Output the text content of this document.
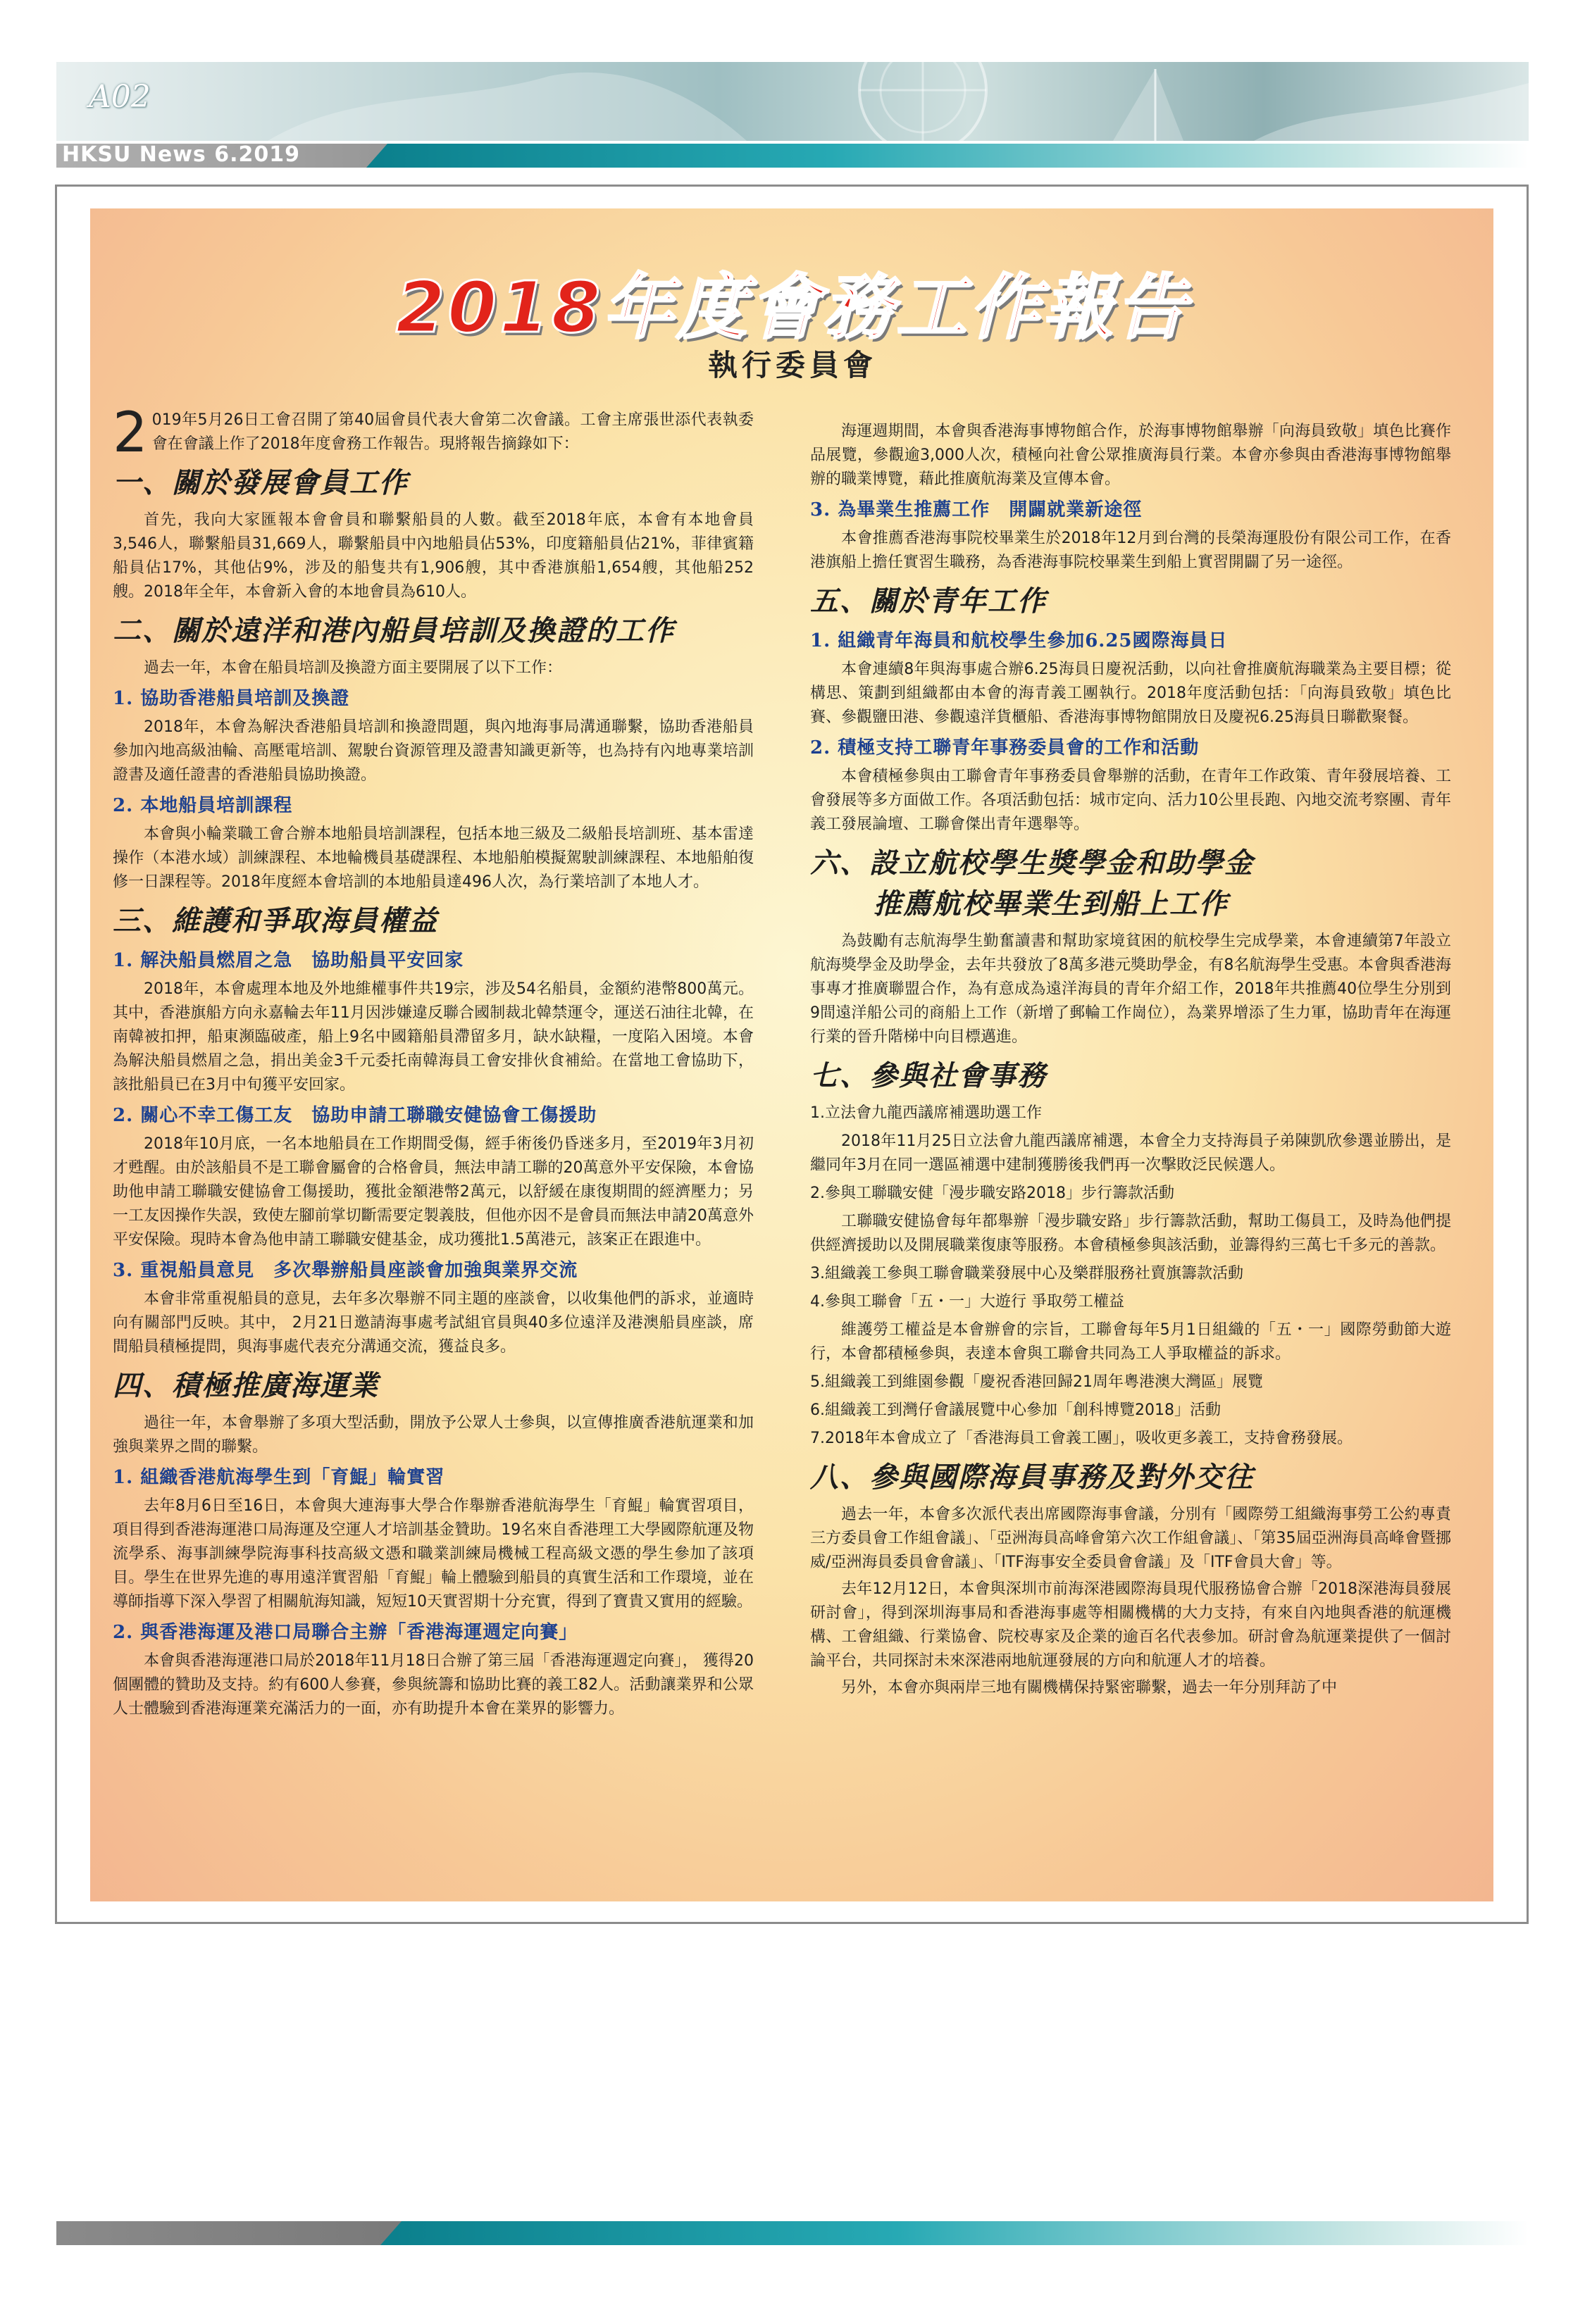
A02
HKSU News 6.2019
2018年度會務工作報告
執行委員會

2 019年5月26日工會召開了第40屆會員代表大會第二次會議。工會主席張世添代表執委會在會議上作了2018年度會務工作報告。現將報告摘錄如下：

一、關於發展會員工作

首先，我向大家匯報本會會員和聯繫船員的人數。截至2018年底，本會有本地會員3,546人，聯繫船員31,669人，聯繫船員中內地船員佔53%，印度籍船員佔21%，菲律賓籍船員佔17%，其他佔9%，涉及的船隻共有1,906艘，其中香港旗船1,654艘，其他船252艘。2018年全年，本會新入會的本地會員為610人。

二、關於遠洋和港內船員培訓及換證的工作

過去一年，本會在船員培訓及換證方面主要開展了以下工作：

1. 協助香港船員培訓及換證

2018年，本會為解決香港船員培訓和換證問題，與內地海事局溝通聯繫，協助香港船員參加內地高級油輪、高壓電培訓、駕駛台資源管理及證書知識更新等，也為持有內地專業培訓證書及適任證書的香港船員協助換證。

2. 本地船員培訓課程

本會與小輪業職工會合辦本地船員培訓課程，包括本地三級及二級船長培訓班、基本雷達操作（本港水域）訓練課程、本地輪機員基礎課程、本地船舶模擬駕駛訓練課程、本地船舶復修一日課程等。2018年度經本會培訓的本地船員達496人次，為行業培訓了本地人才。

三、維護和爭取海員權益
1. 解決船員燃眉之急　協助船員平安回家

2018年，本會處理本地及外地維權事件共19宗，涉及54名船員，金額約港幣800萬元。其中，香港旗船方向永嘉輪去年11月因涉嫌違反聯合國制裁北韓禁運令，運送石油往北韓，在南韓被扣押，船東瀕臨破產，船上9名中國籍船員滯留多月，缺水缺糧，一度陷入困境。本會為解決船員燃眉之急，捐出美金3千元委托南韓海員工會安排伙食補給。在當地工會協助下，該批船員已在3月中旬獲平安回家。

2. 關心不幸工傷工友　協助申請工聯職安健協會工傷援助

2018年10月底，一名本地船員在工作期間受傷，經手術後仍昏迷多月，至2019年3月初才甦醒。由於該船員不是工聯會屬會的合格會員，無法申請工聯的20萬意外平安保險，本會協助他申請工聯職安健協會工傷援助，獲批金額港幣2萬元，以舒緩在康復期間的經濟壓力；另一工友因操作失誤，致使左腳前掌切斷需要定製義肢，但他亦因不是會員而無法申請20萬意外平安保險。現時本會為他申請工聯職安健基金，成功獲批1.5萬港元，該案正在跟進中。

3. 重視船員意見　多次舉辦船員座談會加強與業界交流

本會非常重視船員的意見，去年多次舉辦不同主題的座談會，以收集他們的訴求，並適時向有關部門反映。其中， 2月21日邀請海事處考試組官員與40多位遠洋及港澳船員座談，席間船員積極提問，與海事處代表充分溝通交流，獲益良多。

四、積極推廣海運業

過往一年，本會舉辦了多項大型活動，開放予公眾人士參與，以宣傳推廣香港航運業和加強與業界之間的聯繫。

1. 組織香港航海學生到「育鯤」輪實習

去年8月6日至16日，本會與大連海事大學合作舉辦香港航海學生「育鯤」輪實習項目，項目得到香港海運港口局海運及空運人才培訓基金贊助。19名來自香港理工大學國際航運及物流學系、海事訓練學院海事科技高級文憑和職業訓練局機械工程高級文憑的學生參加了該項目。學生在世界先進的專用遠洋實習船「育鯤」輪上體驗到船員的真實生活和工作環境，並在導師指導下深入學習了相關航海知識，短短10天實習期十分充實，得到了寶貴又實用的經驗。

2. 與香港海運及港口局聯合主辦「香港海運週定向賽」

本會與香港海運港口局於2018年11月18日合辦了第三屆「香港海運週定向賽」， 獲得20個團體的贊助及支持。約有600人參賽，參與統籌和協助比賽的義工82人。活動讓業界和公眾人士體驗到香港海運業充滿活力的一面，亦有助提升本會在業界的影響力。

海運週期間，本會與香港海事博物館合作，於海事博物館舉辦「向海員致敬」填色比賽作品展覽，參觀逾3,000人次，積極向社會公眾推廣海員行業。本會亦參與由香港海事博物館舉辦的職業博覽，藉此推廣航海業及宣傳本會。

3. 為畢業生推薦工作　開闢就業新途徑

本會推薦香港海事院校畢業生於2018年12月到台灣的長榮海運股份有限公司工作，在香港旗船上擔任實習生職務，為香港海事院校畢業生到船上實習開闢了另一途徑。

五、關於青年工作
1. 組織青年海員和航校學生參加6.25國際海員日

本會連續8年與海事處合辦6.25海員日慶祝活動，以向社會推廣航海職業為主要目標；從構思、策劃到組織都由本會的海青義工團執行。2018年度活動包括：「向海員致敬」填色比賽、參觀鹽田港、參觀遠洋貨櫃船、香港海事博物館開放日及慶祝6.25海員日聯歡聚餐。

2. 積極支持工聯青年事務委員會的工作和活動

本會積極參與由工聯會青年事務委員會舉辦的活動，在青年工作政策、青年發展培養、工會發展等多方面做工作。各項活動包括：城市定向、活力10公里長跑、內地交流考察團、青年義工發展論壇、工聯會傑出青年選舉等。

六、設立航校學生獎學金和助學金
推薦航校畢業生到船上工作

為鼓勵有志航海學生勤奮讀書和幫助家境貧困的航校學生完成學業，本會連續第7年設立航海獎學金及助學金，去年共發放了8萬多港元獎助學金，有8名航海學生受惠。本會與香港海事專才推廣聯盟合作，為有意成為遠洋海員的青年介紹工作，2018年共推薦40位學生分別到9間遠洋船公司的商船上工作（新增了郵輪工作崗位），為業界增添了生力軍，協助青年在海運行業的晉升階梯中向目標邁進。

七、參與社會事務

1.立法會九龍西議席補選助選工作

2018年11月25日立法會九龍西議席補選，本會全力支持海員子弟陳凱欣參選並勝出，是繼同年3月在同一選區補選中建制獲勝後我們再一次擊敗泛民候選人。

2.參與工聯職安健「漫步職安路2018」步行籌款活動

工聯職安健協會每年都舉辦「漫步職安路」步行籌款活動，幫助工傷員工，及時為他們提供經濟援助以及開展職業復康等服務。本會積極參與該活動，並籌得約三萬七千多元的善款。

3.組織義工參與工聯會職業發展中心及樂群服務社賣旗籌款活動

4.參與工聯會「五・一」大遊行 爭取勞工權益

維護勞工權益是本會辦會的宗旨，工聯會每年5月1日組織的「五・一」國際勞動節大遊行，本會都積極參與，表達本會與工聯會共同為工人爭取權益的訴求。

5.組織義工到維園參觀「慶祝香港回歸21周年粵港澳大灣區」展覽

6.組織義工到灣仔會議展覽中心參加「創科博覽2018」活動

7.2018年本會成立了「香港海員工會義工團」，吸收更多義工，支持會務發展。

八、參與國際海員事務及對外交往

過去一年，本會多次派代表出席國際海事會議，分別有「國際勞工組織海事勞工公約專責三方委員會工作組會議」、「亞洲海員高峰會第六次工作組會議」、「第35屆亞洲海員高峰會暨挪威/亞洲海員委員會會議」、「ITF海事安全委員會會議」及「ITF會員大會」等。

去年12月12日，本會與深圳市前海深港國際海員現代服務協會合辦「2018深港海員發展研討會」，得到深圳海事局和香港海事處等相關機構的大力支持，有來自內地與香港的航運機構、工會組織、行業協會、院校專家及企業的逾百名代表參加。研討會為航運業提供了一個討論平台，共同探討未來深港兩地航運發展的方向和航運人才的培養。

另外，本會亦與兩岸三地有關機構保持緊密聯繫，過去一年分別拜訪了中
